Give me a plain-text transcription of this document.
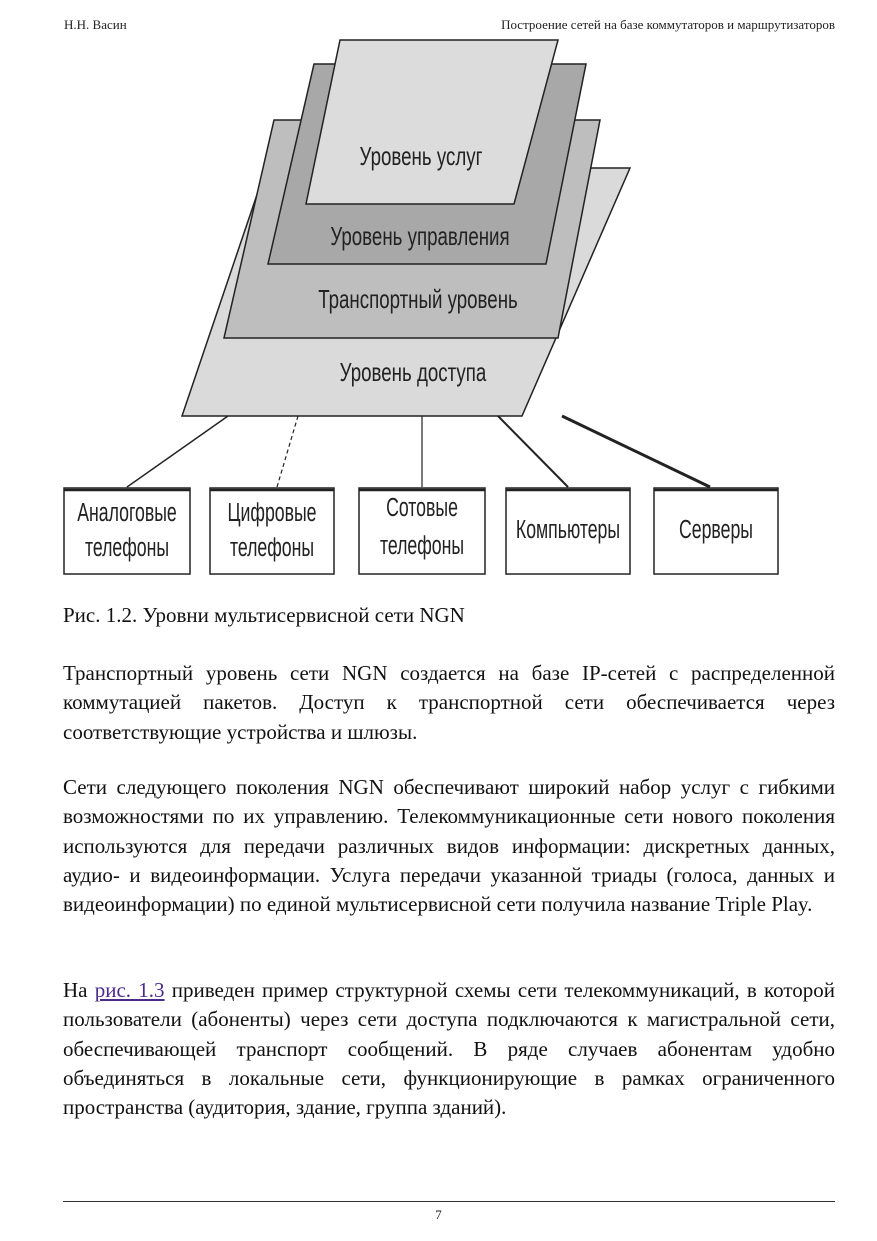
Н.Н. Васин	Построение сетей на базе коммутаторов и маршрутизаторов
Уровень услуг
Уровень управления
Транспортный уровень
Уровень доступа
Аналоговые
телефоны
Цифровые
телефоны
Сотовые
телефоны
Компьютеры Серверы
Рис. 1.2. Уровни мультисервисной сети NGN

Транспортный уровень сети NGN создается на базе IP-сетей с распределенной коммутацией пакетов. Доступ к транспортной сети обеспечивается через соответствующие устройства и шлюзы.

Сети следующего поколения NGN обеспечивают широкий набор услуг с гибкими возможностями по их управлению. Телекоммуникационные сети нового поколения используются для передачи различных видов информации: дискретных данных, аудио- и видеоинформации. Услуга передачи указанной триады (голоса, данных и видеоинформации) по единой мультисервисной сети получила название Triple Play.

На рис. 1.3 приведен пример структурной схемы сети телекоммуникаций, в которой пользователи (абоненты) через сети доступа подключаются к магистральной сети, обеспечивающей транспорт сообщений. В ряде случаев абонентам удобно объединяться в локальные сети, функционирующие в рамках ограниченного пространства (аудитория, здание, группа зданий).

7
